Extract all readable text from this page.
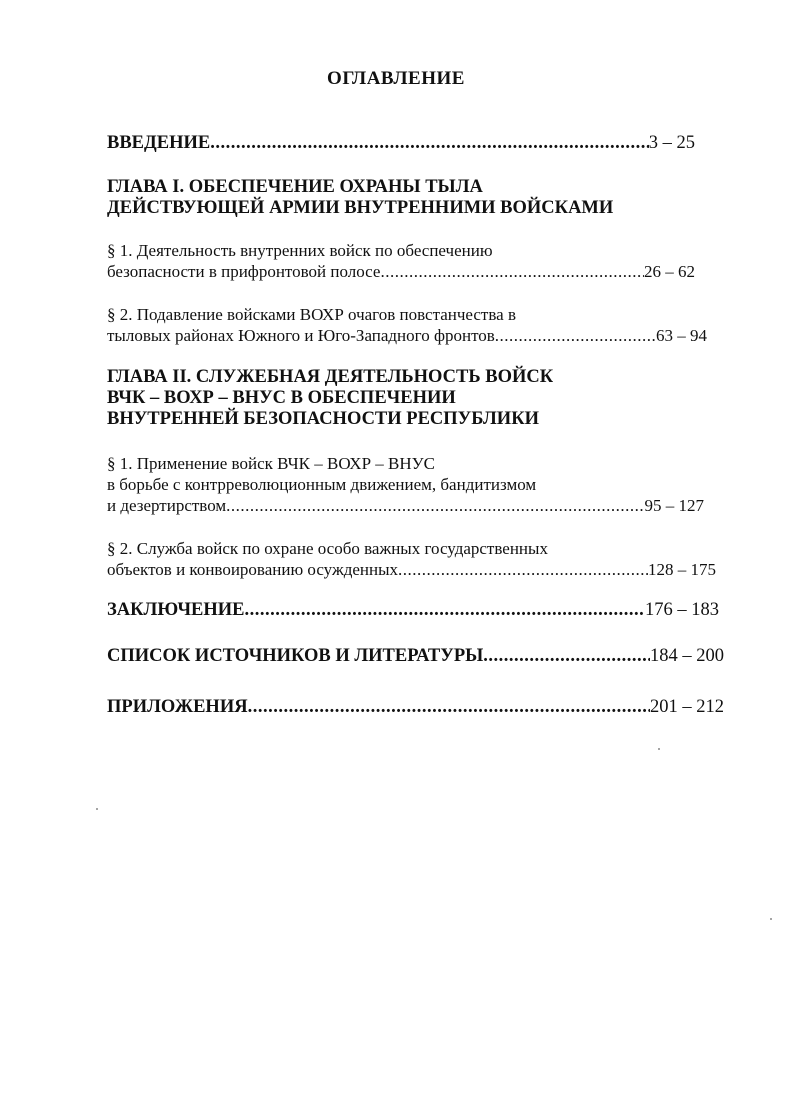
ОГЛАВЛЕНИЕ
ВВЕДЕНИЕ .....	3 – 25
ГЛАВА I. ОБЕСПЕЧЕНИЕ ОХРАНЫ ТЫЛА
ДЕЙСТВУЮЩЕЙ АРМИИ ВНУТРЕННИМИ ВОЙСКАМИ
§ 1. Деятельность внутренних войск по обеспечению
безопасности в прифронтовой полосе .....	26 – 62
§ 2. Подавление войсками ВОХР очагов повстанчества в
тыловых районах Южного и Юго-Западного фронтов .....	63 – 94
ГЛАВА II. СЛУЖЕБНАЯ ДЕЯТЕЛЬНОСТЬ ВОЙСК
ВЧК – ВОХР – ВНУС В ОБЕСПЕЧЕНИИ
ВНУТРЕННЕЙ БЕЗОПАСНОСТИ РЕСПУБЛИКИ
§ 1. Применение войск ВЧК – ВОХР – ВНУС
в борьбе с контрреволюционным движением, бандитизмом
и дезертирством .....	95 – 127
§ 2. Служба войск по охране особо важных государственных
объектов и конвоированию осужденных .....	128 – 175
ЗАКЛЮЧЕНИЕ .....	176 – 183
СПИСОК ИСТОЧНИКОВ И ЛИТЕРАТУРЫ .....	184 – 200
ПРИЛОЖЕНИЯ .....	201 – 212
